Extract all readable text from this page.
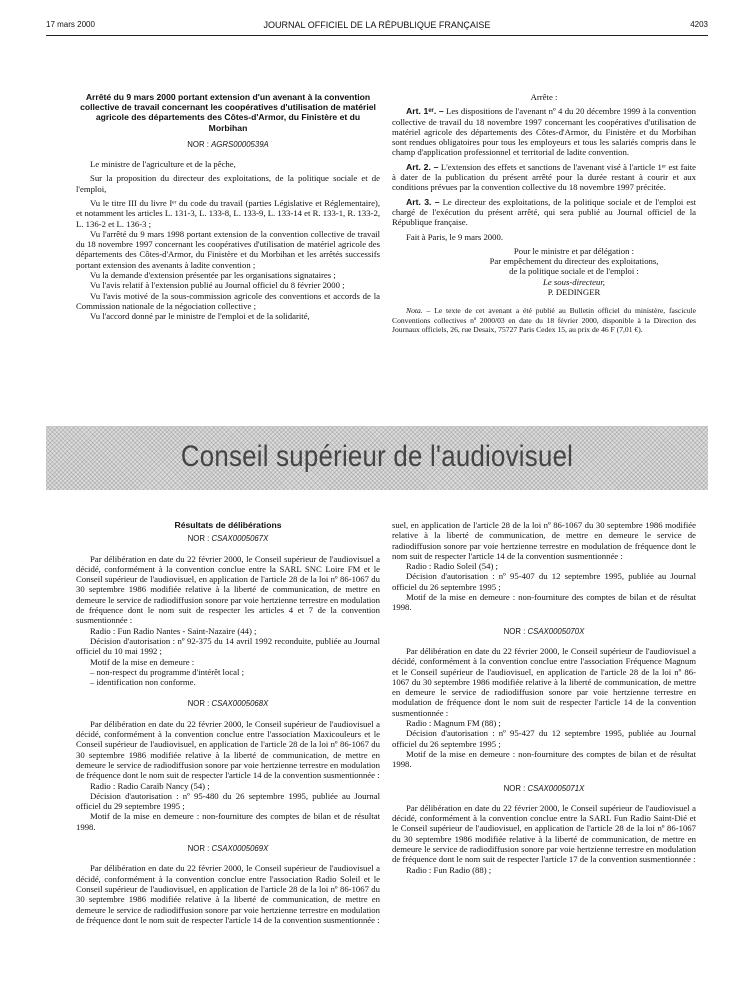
17 mars 2000	JOURNAL OFFICIEL DE LA RÉPUBLIQUE FRANÇAISE	4203
Arrêté du 9 mars 2000 portant extension d'un avenant à la convention collective de travail concernant les coopératives d'utilisation de matériel agricole des départements des Côtes-d'Armor, du Finistère et du Morbihan
NOR : AGRS0000539A

Le ministre de l'agriculture et de la pêche,

Sur la proposition du directeur des exploitations, de la politique sociale et de l'emploi,

Vu le titre III du livre Iᵉʳ du code du travail (parties Législative et Réglementaire), et notamment les articles L. 131-3, L. 133-8, L. 133-9, L. 133-14 et R. 133-1, R. 133-2, L. 136-2 et L. 136-3 ;

Vu l'arrêté du 9 mars 1998 portant extension de la convention collective de travail du 18 novembre 1997 concernant les coopératives d'utilisation de matériel agricole des départements des Côtes-d'Armor, du Finistère et du Morbihan et les arrêtés successifs portant extension des avenants à ladite convention ;

Vu la demande d'extension présentée par les organisations signataires ;

Vu l'avis relatif à l'extension publié au Journal officiel du 8 février 2000 ;

Vu l'avis motivé de la sous-commission agricole des conventions et accords de la Commission nationale de la négociation collective ;

Vu l'accord donné par le ministre de l'emploi et de la solidarité,

Arrête :

Art. 1ᵉʳ. – Les dispositions de l'avenant nº 4 du 20 décembre 1999 à la convention collective de travail du 18 novembre 1997 concernant les coopératives d'utilisation de matériel agricole des départements des Côtes-d'Armor, du Finistère et du Morbihan sont rendues obligatoires pour tous les employeurs et tous les salariés compris dans le champ d'application professionnel et territorial de ladite convention.

Art. 2. – L'extension des effets et sanctions de l'avenant visé à l'article 1ᵉʳ est faite à dater de la publication du présent arrêté pour la durée restant à courir et aux conditions prévues par la convention collective du 18 novembre 1997 précitée.

Art. 3. – Le directeur des exploitations, de la politique sociale et de l'emploi est chargé de l'exécution du présent arrêté, qui sera publié au Journal officiel de la République française.

Fait à Paris, le 9 mars 2000.

Pour le ministre et par délégation :
Par empêchement du directeur des exploitations,
de la politique sociale et de l'emploi :
Le sous-directeur,
P. DEDINGER

Nota. – Le texte de cet avenant a été publié au Bulletin officiel du ministère, fascicule Conventions collectives nº 2000/03 en date du 18 février 2000, disponible à la Direction des Journaux officiels, 26, rue Desaix, 75727 Paris Cedex 15, au prix de 46 F (7,01 €).

Conseil supérieur de l'audiovisuel
Résultats de délibérations
NOR : CSAX0005067X

Par délibération en date du 22 février 2000, le Conseil supérieur de l'audiovisuel a décidé, conformément à la convention conclue entre la SARL SNC Loire FM et le Conseil supérieur de l'audiovisuel, en application de l'article 28 de la loi nº 86-1067 du 30 septembre 1986 modifiée relative à la liberté de communication, de mettre en demeure le service de radiodiffusion sonore par voie hertzienne terrestre en modulation de fréquence dont le nom suit de respecter les articles 4 et 7 de la convention susmentionnée :

Radio : Fun Radio Nantes - Saint-Nazaire (44) ;

Décision d'autorisation : nº 92-375 du 14 avril 1992 reconduite, publiée au Journal officiel du 10 mai 1992 ;

Motif de la mise en demeure :

– non-respect du programme d'intérêt local ;

– identification non conforme.

NOR : CSAX0005068X

Par délibération en date du 22 février 2000, le Conseil supérieur de l'audiovisuel a décidé, conformément à la convention conclue entre l'association Maxicouleurs et le Conseil supérieur de l'audiovisuel, en application de l'article 28 de la loi nº 86-1067 du 30 septembre 1986 modifiée relative à la liberté de communication, de mettre en demeure le service de radiodiffusion sonore par voie hertzienne terrestre en modulation de fréquence dont le nom suit de respecter l'article 14 de la convention susmentionnée :

Radio : Radio Caraïb Nancy (54) ;

Décision d'autorisation : nº 95-480 du 26 septembre 1995, publiée au Journal officiel du 29 septembre 1995 ;

Motif de la mise en demeure : non-fourniture des comptes de bilan et de résultat 1998.

NOR : CSAX0005069X

Par délibération en date du 22 février 2000, le Conseil supérieur de l'audiovisuel a décidé, conformément à la convention conclue entre l'association Radio Soleil et le Conseil supérieur de l'audiovisuel, en application de l'article 28 de la loi nº 86-1067 du 30 septembre 1986 modifiée relative à la liberté de communication, de mettre en demeure le service de radiodiffusion sonore par voie hertzienne terrestre en modulation de fréquence dont le nom suit de respecter l'article 14 de la convention susmentionnée :

suel, en application de l'article 28 de la loi nº 86-1067 du 30 septembre 1986 modifiée relative à la liberté de communication, de mettre en demeure le service de radiodiffusion sonore par voie hertzienne terrestre en modulation de fréquence dont le nom suit de respecter l'article 14 de la convention susmentionnée :

Radio : Radio Soleil (54) ;

Décision d'autorisation : nº 95-407 du 12 septembre 1995, publiée au Journal officiel du 26 septembre 1995 ;

Motif de la mise en demeure : non-fourniture des comptes de bilan et de résultat 1998.

NOR : CSAX0005070X

Par délibération en date du 22 février 2000, le Conseil supérieur de l'audiovisuel a décidé, conformément à la convention conclue entre l'association Fréquence Magnum et le Conseil supérieur de l'audiovisuel, en application de l'article 28 de la loi nº 86-1067 du 30 septembre 1986 modifiée relative à la liberté de communication, de mettre en demeure le service de radiodiffusion sonore par voie hertzienne terrestre en modulation de fréquence dont le nom suit de respecter l'article 14 de la convention susmentionnée :

Radio : Magnum FM (88) ;

Décision d'autorisation : nº 95-427 du 12 septembre 1995, publiée au Journal officiel du 26 septembre 1995 ;

Motif de la mise en demeure : non-fourniture des comptes de bilan et de résultat 1998.

NOR : CSAX0005071X

Par délibération en date du 22 février 2000, le Conseil supérieur de l'audiovisuel a décidé, conformément à la convention conclue entre la SARL Fun Radio Saint-Dié et le Conseil supérieur de l'audiovisuel, en application de l'article 28 de la loi nº 86-1067 du 30 septembre 1986 modifiée relative à la liberté de communication, de mettre en demeure le service de radiodiffusion sonore par voie hertzienne terrestre en modulation de fréquence dont le nom suit de respecter l'article 17 de la convention susmentionnée :

Radio : Fun Radio (88) ;
